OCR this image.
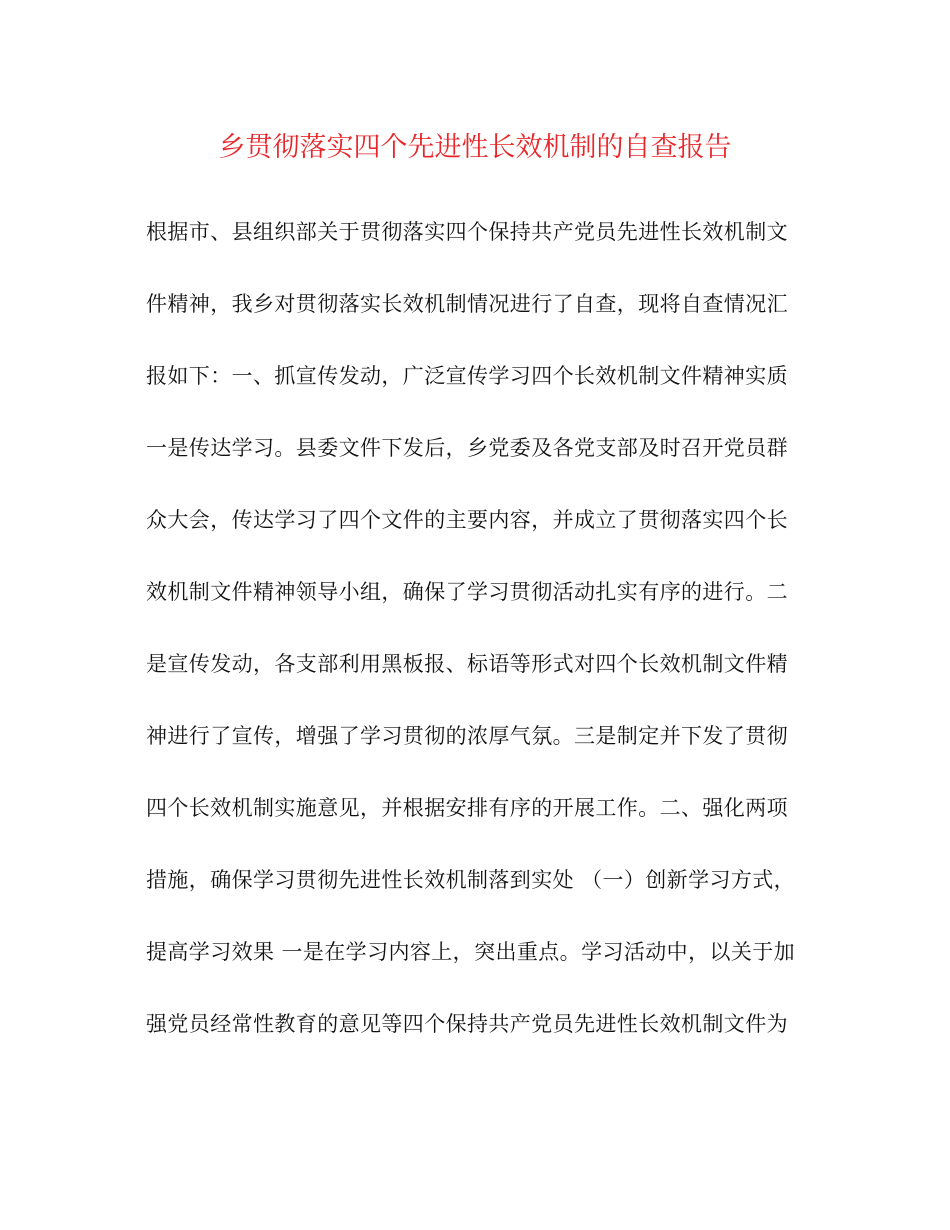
乡贯彻落实四个先进性长效机制的自查报告
根据市、县组织部关于贯彻落实四个保持共产党员先进性长效机制文
件精神，我乡对贯彻落实长效机制情况进行了自查，现将自查情况汇
报如下：一、抓宣传发动，广泛宣传学习四个长效机制文件精神实质
一是传达学习。县委文件下发后，乡党委及各党支部及时召开党员群
众大会，传达学习了四个文件的主要内容，并成立了贯彻落实四个长
效机制文件精神领导小组，确保了学习贯彻活动扎实有序的进行。二
是宣传发动，各支部利用黑板报、标语等形式对四个长效机制文件精
神进行了宣传，增强了学习贯彻的浓厚气氛。三是制定并下发了贯彻
四个长效机制实施意见，并根据安排有序的开展工作。二、强化两项
措施，确保学习贯彻先进性长效机制落到实处 （一）创新学习方式，
提高学习效果 一是在学习内容上，突出重点。学习活动中，以关于加
强党员经常性教育的意见等四个保持共产党员先进性长效机制文件为
